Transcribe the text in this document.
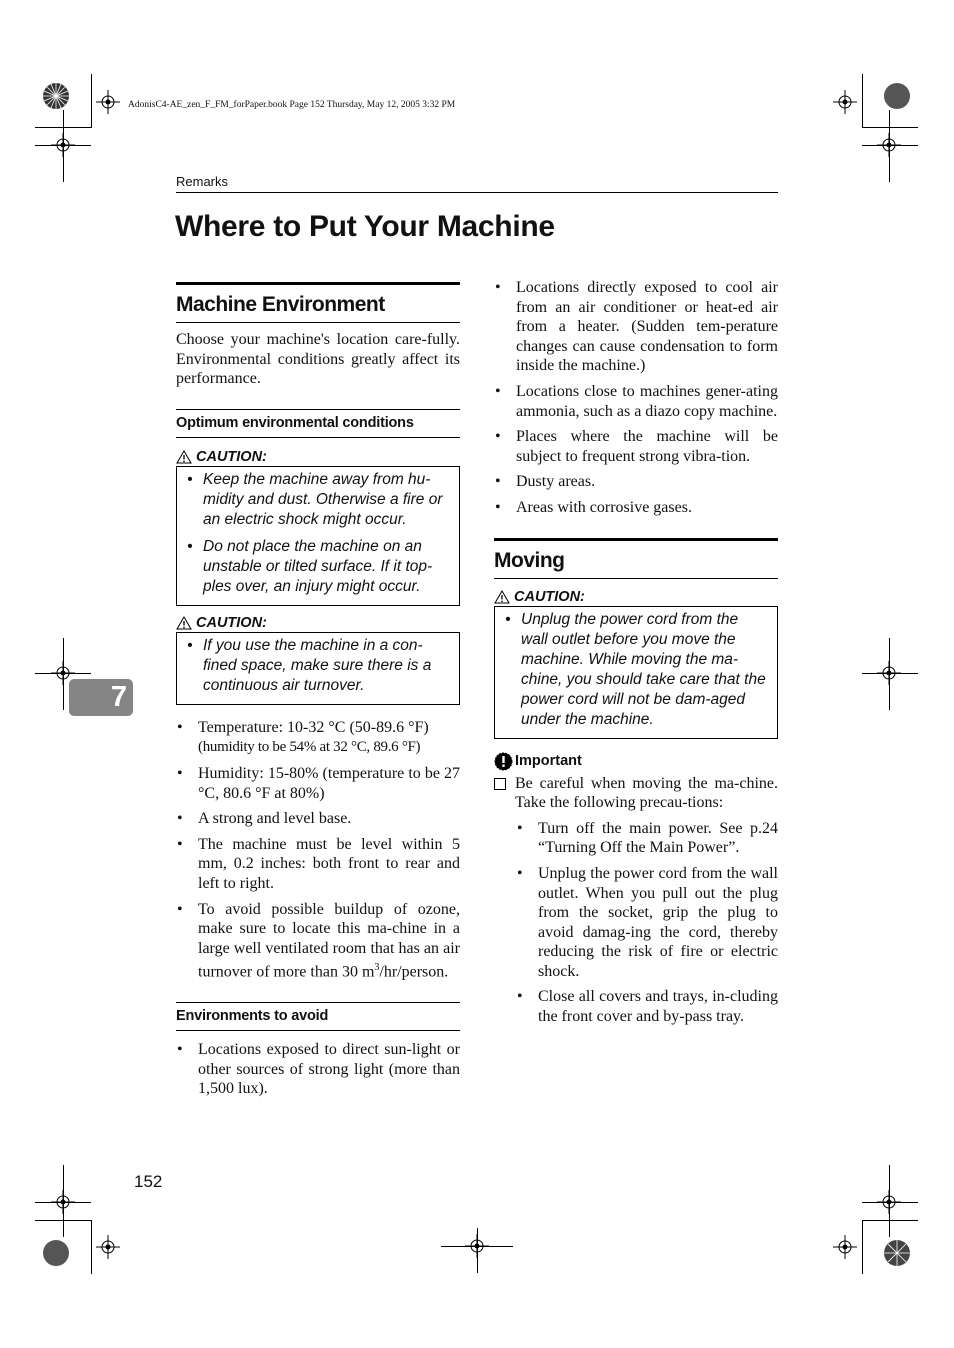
AdonisC4-AE_zen_F_FM_forPaper.book Page 152 Thursday, May 12, 2005 3:32 PM
Remarks
Where to Put Your Machine
7
152
Machine Environment

Choose your machine's location care-fully. Environmental conditions greatly affect its performance.

Optimum environmental conditions
CAUTION:
• Keep the machine away from hu-midity and dust. Otherwise a fire or an electric shock might occur.
• Do not place the machine on an unstable or tilted surface. If it top-ples over, an injury might occur.
CAUTION:
• If you use the machine in a con-fined space, make sure there is a continuous air turnover.
• Temperature: 10-32 °C (50-89.6 °F)
(humidity to be 54% at 32 °C, 89.6 °F)
• Humidity: 15-80% (temperature to be 27 °C, 80.6 °F at 80%)
• A strong and level base.
• The machine must be level within 5 mm, 0.2 inches: both front to rear and left to right.
• To avoid possible buildup of ozone, make sure to locate this ma-chine in a large well ventilated room that has an air turnover of more than 30 $m^3/hr$/person.
Environments to avoid
• Locations exposed to direct sun-light or other sources of strong light (more than 1,500 lux).
• Locations directly exposed to cool air from an air conditioner or heat-ed air from a heater. (Sudden tem-perature changes can cause condensation to form inside the machine.)
• Locations close to machines gener-ating ammonia, such as a diazo copy machine.
• Places where the machine will be subject to frequent strong vibra-tion.
• Dusty areas.
• Areas with corrosive gases.
Moving
CAUTION:
• Unplug the power cord from the wall outlet before you move the machine. While moving the ma-chine, you should take care that the power cord will not be dam-aged under the machine.
Important
Be careful when moving the ma-chine. Take the following precau-tions:
• Turn off the main power. See p.24 “Turning Off the Main Power”.
• Unplug the power cord from the wall outlet. When you pull out the plug from the socket, grip the plug to avoid damag-ing the cord, thereby reducing the risk of fire or electric shock.
• Close all covers and trays, in-cluding the front cover and by-pass tray.
